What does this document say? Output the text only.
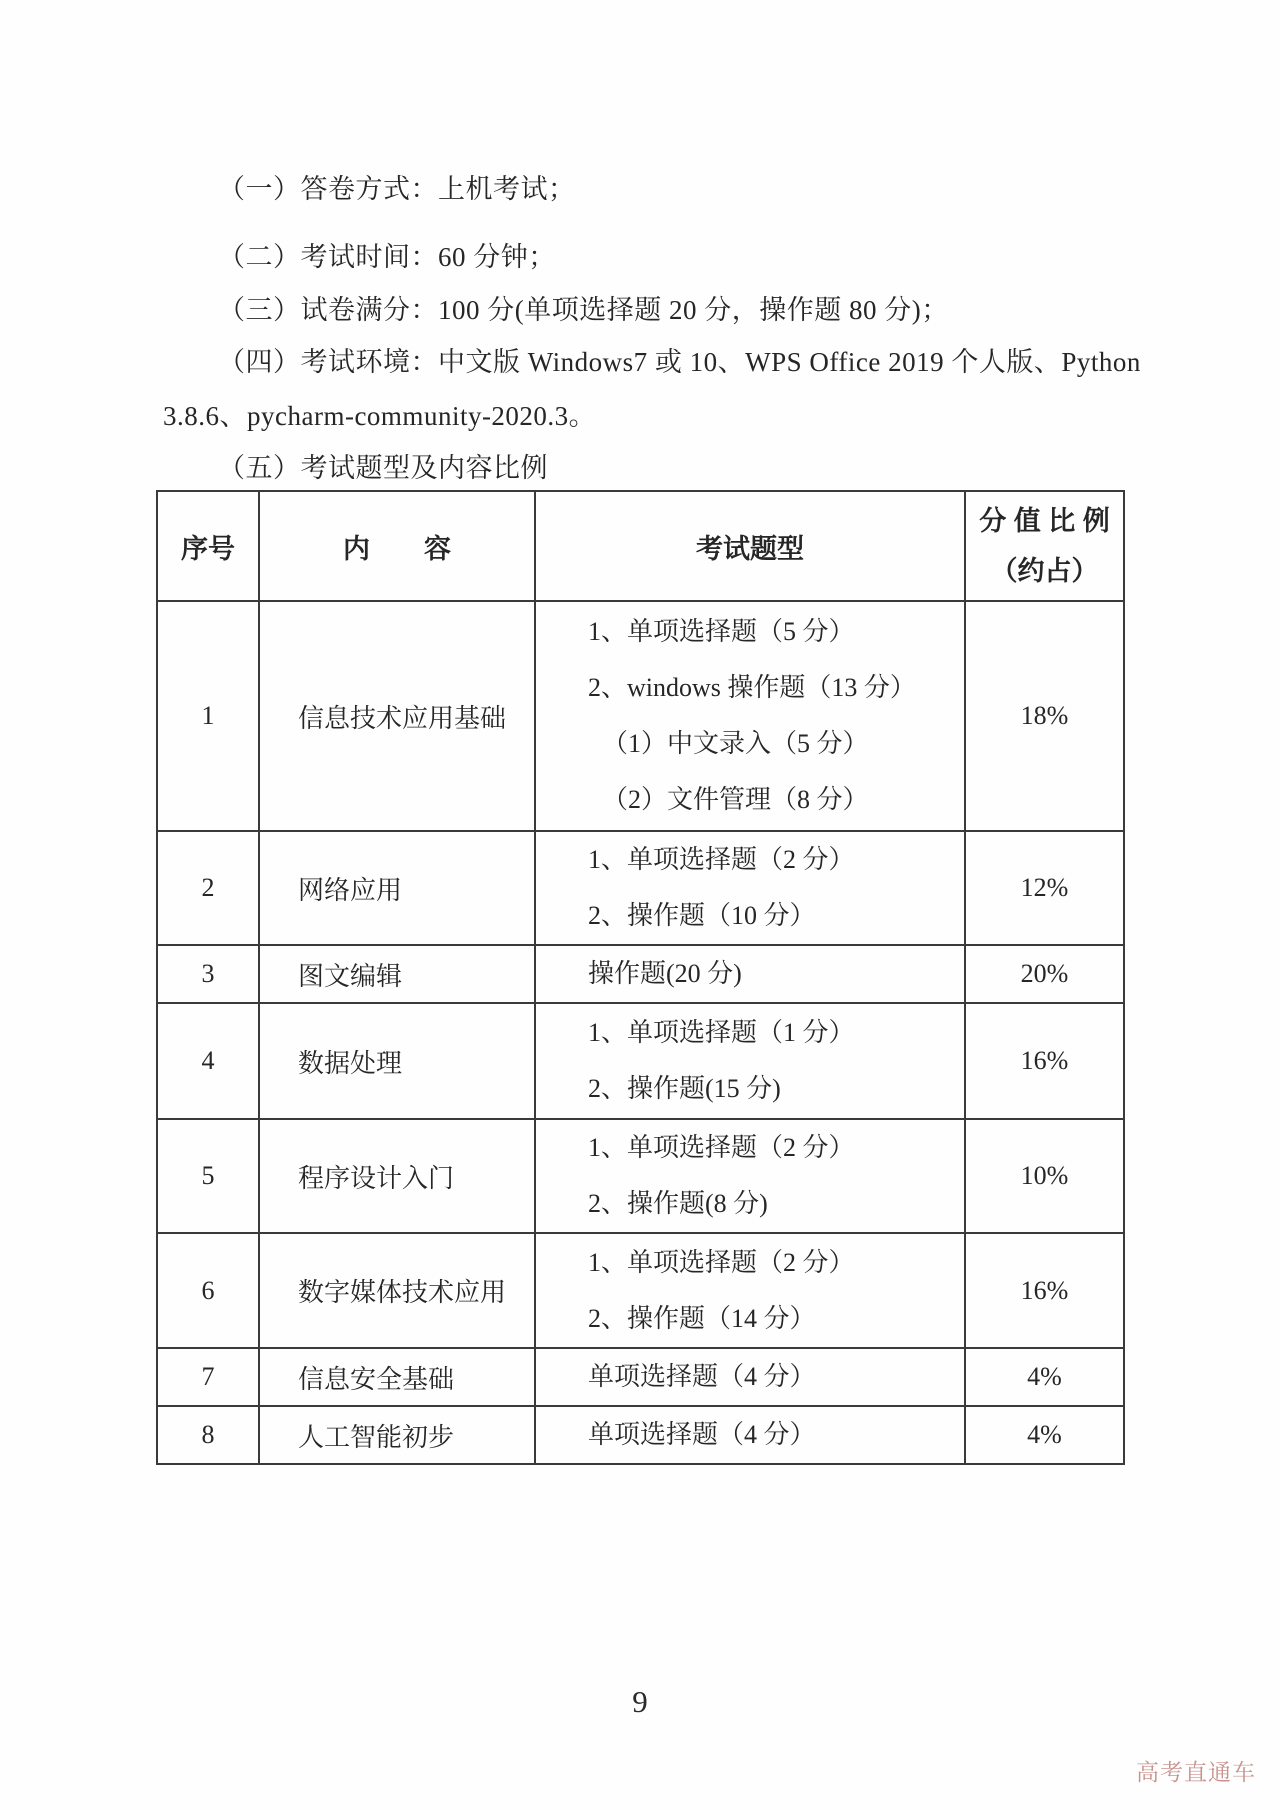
（一）答卷方式：上机考试；

（二）考试时间：60 分钟；

（三）试卷满分：100 分(单项选择题 20 分，操作题 80 分)；

（四）考试环境：中文版 Windows7 或 10、WPS Office 2019 个人版、Python

3.8.6、pycharm-community-2020.3。

（五）考试题型及内容比例

序号	内　　容	考试题型	分 值 比 例
（约占）

1	信息技术应用基础	1、单项选择题（5 分）
2、windows 操作题（13 分）
（1）中文录入（5 分）
（2）文件管理（8 分）	18%
2	网络应用	1、单项选择题（2 分）
2、操作题（10 分）	12%
3	图文编辑	操作题(20 分)	20%
4	数据处理	1、单项选择题（1 分）
2、操作题(15 分)	16%
5	程序设计入门	1、单项选择题（2 分）
2、操作题(8 分)	10%
6	数字媒体技术应用	1、单项选择题（2 分）
2、操作题（14 分）	16%
7	信息安全基础	单项选择题（4 分）	4%
8	人工智能初步	单项选择题（4 分）	4%
9
高考直通车
